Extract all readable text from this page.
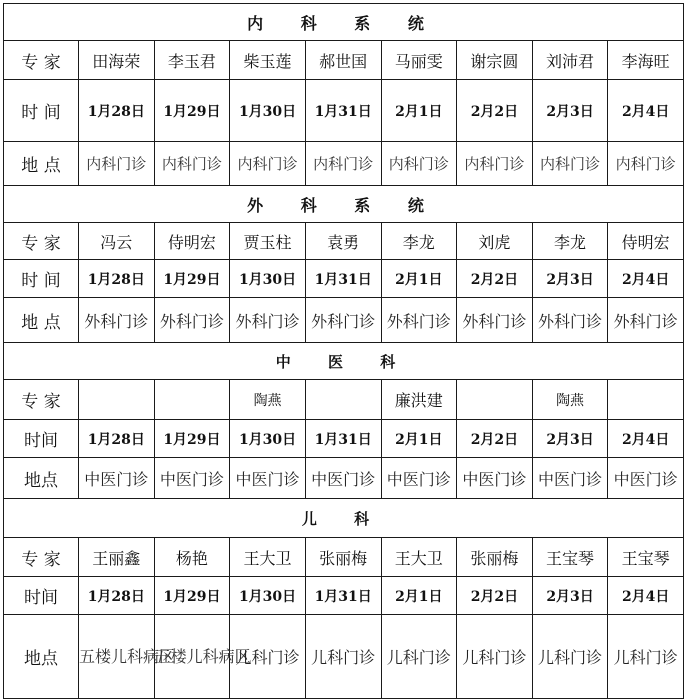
内 科 系 统								
专 家	田海荣	李玉君	柴玉莲	郝世国	马丽雯	谢宗圆	刘沛君	李海旺
时 间	1月28日	1月29日	1月30日	1月31日	2月1日	2月2日	2月3日	2月4日
地 点	内科门诊	内科门诊	内科门诊	内科门诊	内科门诊	内科门诊	内科门诊	内科门诊
外 科 系 统								
专 家	冯云	侍明宏	贾玉柱	袁勇	李龙	刘虎	李龙	侍明宏
时 间	1月28日	1月29日	1月30日	1月31日	2月1日	2月2日	2月3日	2月4日
地 点	外科门诊	外科门诊	外科门诊	外科门诊	外科门诊	外科门诊	外科门诊	外科门诊
中 医 科								
专 家			陶燕		廉洪建		陶燕	
时间	1月28日	1月29日	1月30日	1月31日	2月1日	2月2日	2月3日	2月4日
地点	中医门诊	中医门诊	中医门诊	中医门诊	中医门诊	中医门诊	中医门诊	中医门诊
儿 科								
专 家	王丽鑫	杨艳	王大卫	张丽梅	王大卫	张丽梅	王宝琴	王宝琴
时间	1月28日	1月29日	1月30日	1月31日	2月1日	2月2日	2月3日	2月4日
地点	五楼儿科病区	五楼儿科病区	儿科门诊	儿科门诊	儿科门诊	儿科门诊	儿科门诊	儿科门诊
